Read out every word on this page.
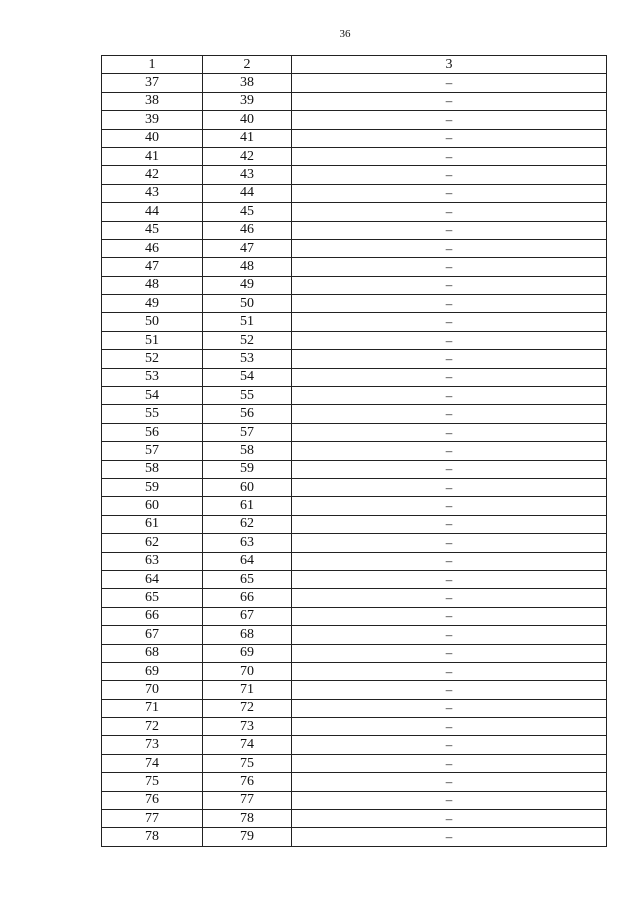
36
1	2	3
37	38	–
38	39	–
39	40	–
40	41	–
41	42	–
42	43	–
43	44	–
44	45	–
45	46	–
46	47	–
47	48	–
48	49	–
49	50	–
50	51	–
51	52	–
52	53	–
53	54	–
54	55	–
55	56	–
56	57	–
57	58	–
58	59	–
59	60	–
60	61	–
61	62	–
62	63	–
63	64	–
64	65	–
65	66	–
66	67	–
67	68	–
68	69	–
69	70	–
70	71	–
71	72	–
72	73	–
73	74	–
74	75	–
75	76	–
76	77	–
77	78	–
78	79	–
